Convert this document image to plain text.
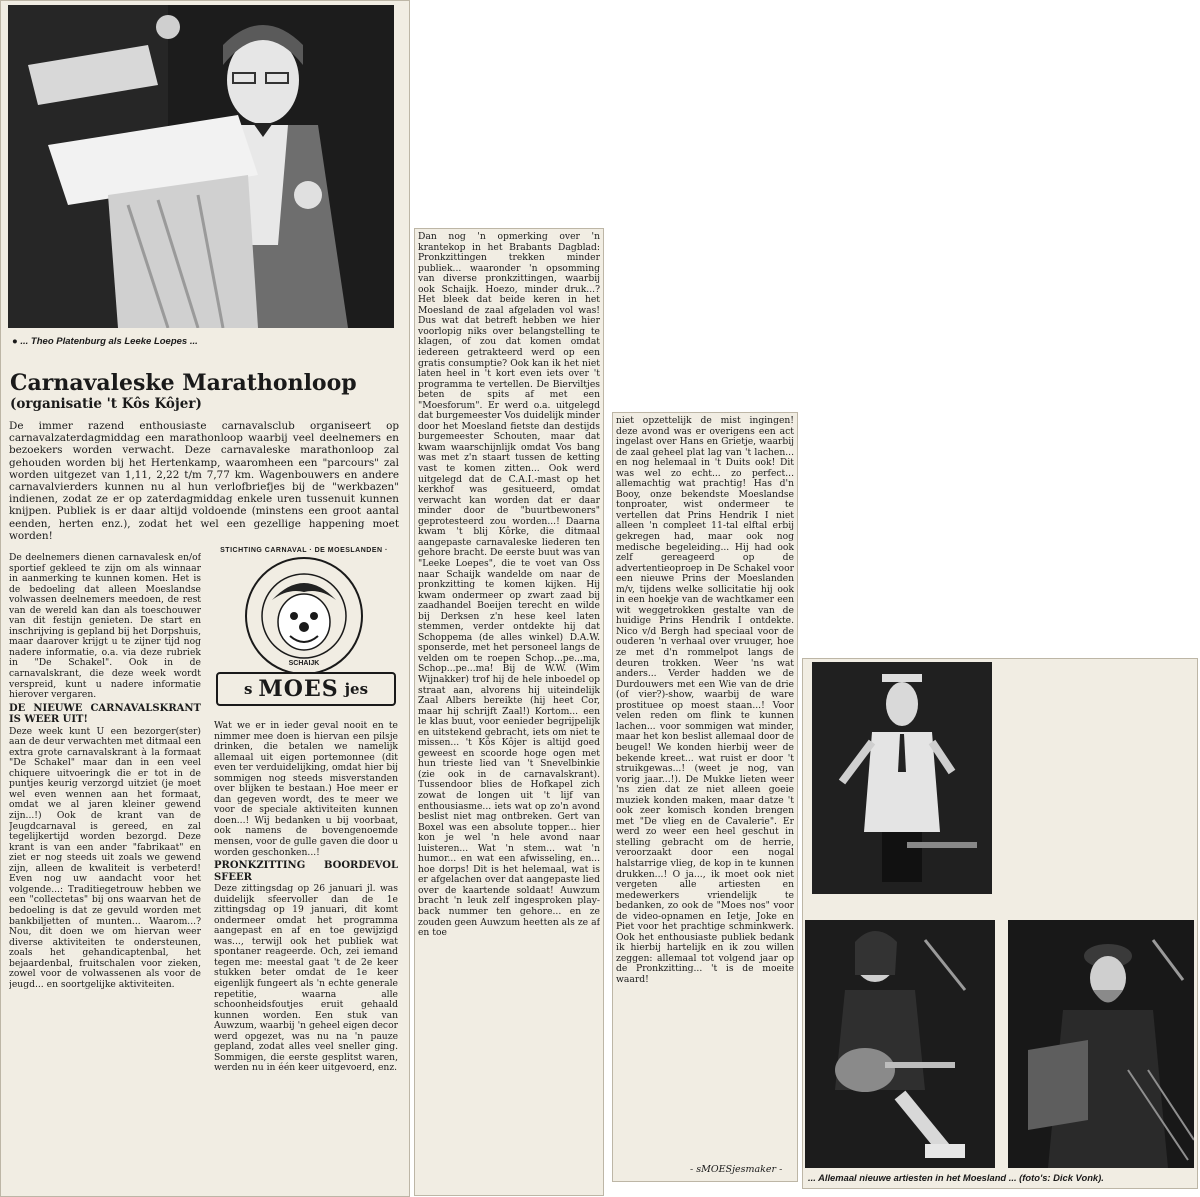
● ... Theo Platenburg als Leeke Loepes ...
Carnavaleske Marathonloop
(organisatie 't Kôs Kôjer)
De immer razend enthousiaste carnavalsclub organiseert op carnavalzaterdagmiddag een marathonloop waarbij veel deelnemers en bezoekers worden verwacht. Deze carnavaleske marathonloop zal gehouden worden bij het Hertenkamp, waaromheen een "parcours" zal worden uitgezet van 1,11, 2,22 t/m 7,77 km. Wagenbouwers en andere carnavalvierders kunnen nu al hun verlofbriefjes bij de "werkbazen" indienen, zodat ze er op zaterdagmiddag enkele uren tussenuit kunnen knijpen. Publiek is er daar altijd voldoende (minstens een groot aantal eenden, herten enz.), zodat het wel een gezellige happening moet worden!

De deelnemers dienen carnavalesk en/of sportief gekleed te zijn om als winnaar in aanmerking te kunnen komen. Het is de bedoeling dat alleen Moeslandse volwassen deelnemers meedoen, de rest van de wereld kan dan als toeschouwer van dit festijn genieten. De start en inschrijving is gepland bij het Dorpshuis, maar daarover krijgt u te zijner tijd nog nadere informatie, o.a. via deze rubriek in "De Schakel". Ook in de carnavalskrant, die deze week wordt verspreid, kunt u nadere informatie hierover vergaren.

DE NIEUWE CARNAVALSKRANT IS WEER UIT!

Deze week kunt U een bezorger(ster) aan de deur verwachten met ditmaal een extra grote carnavalskrant à la formaat "De Schakel" maar dan in een veel chiquere uitvoeringk die er tot in de puntjes keurig verzorgd uitziet (je moet wel even wennen aan het formaat, omdat we al jaren kleiner gewend zijn...!) Ook de krant van de Jeugdcarnaval is gereed, en zal tegelijkertijd worden bezorgd. Deze krant is van een ander "fabrikaat" en ziet er nog steeds uit zoals we gewend zijn, alleen de kwaliteit is verbeterd! Even nog uw aandacht voor het volgende...: Traditiegetrouw hebben we een "collectetas" bij ons waarvan het de bedoeling is dat ze gevuld worden met bankbiljetten of munten... Waarom...? Nou, dit doen we om hiervan weer diverse aktiviteiten te ondersteunen, zoals het gehandicaptenbal, het bejaardenbal, fruitschalen voor zieken, zowel voor de volwassenen als voor de jeugd... en soortgelijke aktiviteiten.

STICHTING CARNAVAL · DE MOESLANDEN ·
SCHAIJK
s MOES jes

Wat we er in ieder geval nooit en te nimmer mee doen is hiervan een pilsje drinken, die betalen we namelijk allemaal uit eigen portemonnee (dit even ter verduidelijking, omdat hier bij sommigen nog steeds misverstanden over blijken te bestaan.) Hoe meer er dan gegeven wordt, des te meer we voor de speciale aktiviteiten kunnen doen...! Wij bedanken u bij voorbaat, ook namens de bovengenoemde mensen, voor de gulle gaven die door u worden geschonken...!

PRONKZITTING BOORDEVOL SFEER

Deze zittingsdag op 26 januari jl. was duidelijk sfeervoller dan de 1e zittingsdag op 19 januari, dit komt ondermeer omdat het programma aangepast en af en toe gewijzigd was..., terwijl ook het publiek wat spontaner reageerde. Och, zei iemand tegen me: meestal gaat 't de 2e keer stukken beter omdat de 1e keer eigenlijk fungeert als 'n echte generale repetitie, waarna alle schoonheidsfoutjes eruit gehaald kunnen worden. Een stuk van Auwzum, waarbij 'n geheel eigen decor werd opgezet, was nu na 'n pauze gepland, zodat alles veel sneller ging. Sommigen, die eerste gesplitst waren, werden nu in één keer uitgevoerd, enz.

Dan nog 'n opmerking over 'n krantekop in het Brabants Dagblad: Pronkzittingen trekken minder publiek... waaronder 'n opsomming van diverse pronkzittingen, waarbij ook Schaijk. Hoezo, minder druk...? Het bleek dat beide keren in het Moesland de zaal afgeladen vol was! Dus wat dat betreft hebben we hier voorlopig niks over belangstelling te klagen, of zou dat komen omdat iedereen getrakteerd werd op een gratis consumptie? Ook kan ik het niet laten heel in 't kort even iets over 't programma te vertellen. De Bierviltjes beten de spits af met een "Moesforum". Er werd o.a. uitgelegd dat burgemeester Vos duidelijk minder door het Moesland fietste dan destijds burgemeester Schouten, maar dat kwam waarschijnlijk omdat Vos bang was met z'n staart tussen de ketting vast te komen zitten... Ook werd uitgelegd dat de C.A.I.-mast op het kerkhof was gesitueerd, omdat verwacht kan worden dat er daar minder door de "buurtbewoners" geprotesteerd zou worden...! Daarna kwam 't blij Kôrke, die ditmaal aangepaste carnavaleske liederen ten gehore bracht. De eerste buut was van "Leeke Loepes", die te voet van Oss naar Schaijk wandelde om naar de pronkzitting te komen kijken. Hij kwam ondermeer op zwart zaad bij zaadhandel Boeijen terecht en wilde bij Derksen z'n hese keel laten stemmen, verder ontdekte hij dat Schoppema (de alles winkel) D.A.W. sponserde, met het personeel langs de velden om te roepen Schop...pe...ma, Schop...pe...ma! Bij de W.W. (Wim Wijnakker) trof hij de hele inboedel op straat aan, alvorens hij uiteindelijk Zaal Albers bereikte (hij heet Cor, maar hij schrijft Zaal!) Kortom... een le klas buut, voor eenieder begrijpelijk en uitstekend gebracht, iets om niet te missen... 't Kôs Kôjer is altijd goed geweest en scoorde hoge ogen met hun trieste lied van 't Snevelbinkie (zie ook in de carnavalskrant). Tussendoor blies de Hofkapel zich zowat de longen uit 't lijf van enthousiasme... iets wat op zo'n avond beslist niet mag ontbreken. Gert van Boxel was een absolute topper... hier kon je wel 'n hele avond naar luisteren... Wat 'n stem... wat 'n humor... en wat een afwisseling, en... hoe dorps! Dit is het helemaal, wat is er afgelachen over dat aangepaste lied over de kaartende soldaat! Auwzum bracht 'n leuk zelf ingesproken play-back nummer ten gehore... en ze zouden geen Auwzum heetten als ze af en toe
niet opzettelijk de mist ingingen! deze avond was er overigens een act ingelast over Hans en Grietje, waarbij de zaal geheel plat lag van 't lachen... en nog helemaal in 't Duits ook! Dit was wel zo echt... zo perfect... allemachtig wat prachtig! Has d'n Booy, onze bekendste Moeslandse tonproater, wist ondermeer te vertellen dat Prins Hendrik I niet alleen 'n compleet 11-tal elftal erbij gekregen had, maar ook nog medische begeleiding... Hij had ook zelf gereageerd op de advertentieoproep in De Schakel voor een nieuwe Prins der Moeslanden m/v, tijdens welke sollicitatie hij ook in een hoekje van de wachtkamer een wit weggetrokken gestalte van de huidige Prins Hendrik I ontdekte. Nico v/d Bergh had speciaal voor de ouderen 'n verhaal over vruuger, hoe ze met d'n rommelpot langs de deuren trokken. Weer 'ns wat anders... Verder hadden we de Durdouwers met een Wie van de drie (of vier?)-show, waarbij de ware prostituee op moest staan...! Voor velen reden om flink te kunnen lachen... voor sommigen wat minder, maar het kon beslist allemaal door de beugel! We konden hierbij weer de bekende kreet... wat ruist er door 't struikgewas...! (weet je nog, van vorig jaar...!). De Mukke lieten weer 'ns zien dat ze niet alleen goeie muziek konden maken, maar datze 't ook zeer komisch konden brengen met "De vlieg en de Cavalerie". Er werd zo weer een heel geschut in stelling gebracht om de herrie, veroorzaakt door een nogal halstarrige vlieg, de kop in te kunnen drukken...! O ja..., ik moet ook niet vergeten alle artiesten en medewerkers vriendelijk te bedanken, zo ook de "Moes nos" voor de video-opnamen en Ietje, Joke en Piet voor het prachtige schminkwerk. Ook het enthousiaste publiek bedank ik hierbij hartelijk en ik zou willen zeggen: allemaal tot volgend jaar op de Pronkzitting... 't is de moeite waard!
- sMOESjesmaker -
... Allemaal nieuwe artiesten in het Moesland ... (foto's: Dick Vonk).
